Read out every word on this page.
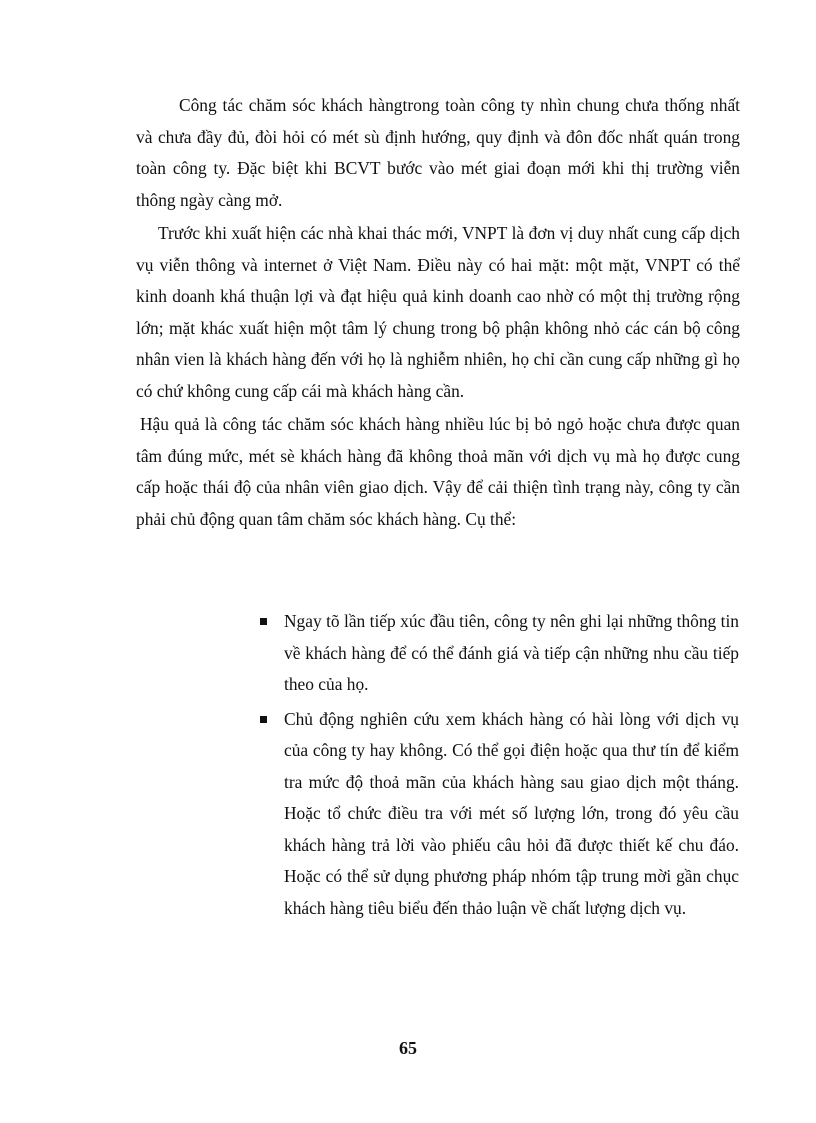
Công tác chăm sóc khách hàngtrong toàn công ty nhìn chung chưa thống nhất và chưa đầy đủ, đòi hỏi có mét sù định hướng, quy định và đôn đốc nhất quán trong toàn công ty. Đặc biệt khi BCVT bước vào mét giai đoạn mới khi thị trường viễn thông ngày càng mở.

Trước khi xuất hiện các nhà khai thác mới, VNPT là đơn vị duy nhất cung cấp dịch vụ viễn thông và internet ở Việt Nam. Điều này có hai mặt: một mặt, VNPT có thể kinh doanh khá thuận lợi và đạt hiệu quả kinh doanh cao nhờ có một thị trường rộng lớn; mặt khác xuất hiện một tâm lý chung trong bộ phận không nhỏ các cán bộ công nhân vien là khách hàng đến với họ là nghiễm nhiên, họ chỉ cần cung cấp những gì họ có chứ không cung cấp cái mà khách hàng cần.

Hậu quả là công tác chăm sóc khách hàng nhiều lúc bị bỏ ngỏ hoặc chưa được quan tâm đúng mức, mét sè khách hàng đã không thoả mãn với dịch vụ mà họ được cung cấp hoặc thái độ của nhân viên giao dịch. Vậy để cải thiện tình trạng này, công ty cần phải chủ động quan tâm chăm sóc khách hàng. Cụ thể:

Ngay tõ lần tiếp xúc đầu tiên, công ty nên ghi lại những thông tin về khách hàng để có thể đánh giá và tiếp cận những nhu cầu tiếp theo của họ.
Chủ động nghiên cứu xem khách hàng có hài lòng với dịch vụ của công ty hay không. Có thể gọi điện hoặc qua thư tín để kiểm tra mức độ thoả mãn của khách hàng sau giao dịch một tháng. Hoặc tổ chức điều tra với mét số lượng lớn, trong đó yêu cầu khách hàng trả lời vào phiếu câu hỏi đã được thiết kế chu đáo. Hoặc có thể sử dụng phương pháp nhóm tập trung mời gần chục khách hàng tiêu biểu đến thảo luận về chất lượng dịch vụ.
65
